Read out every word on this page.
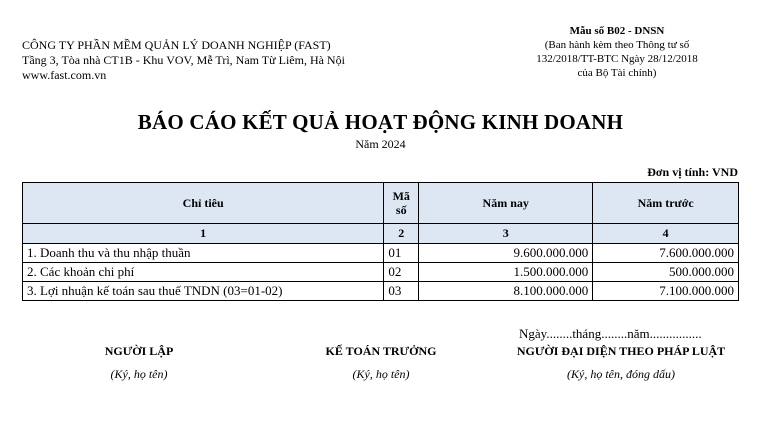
CÔNG TY PHẦN MỀM QUẢN LÝ DOANH NGHIỆP (FAST)
Tầng 3, Tòa nhà CT1B - Khu VOV, Mễ Trì, Nam Từ Liêm, Hà Nội
www.fast.com.vn
Mẫu số B02 - DNSN
(Ban hành kèm theo Thông tư số
132/2018/TT-BTC Ngày 28/12/2018
của Bộ Tài chính)
BÁO CÁO KẾT QUẢ HOẠT ĐỘNG KINH DOANH
Năm 2024
Đơn vị tính: VND
Chỉ tiêu	Mã số	Năm nay	Năm trước
1	2	3	4
1. Doanh thu và thu nhập thuần	01	9.600.000.000	7.600.000.000
2. Các khoản chi phí	02	1.500.000.000	500.000.000
3. Lợi nhuận kế toán sau thuế TNDN (03=01-02)	03	8.100.000.000	7.100.000.000
Ngày........tháng........năm................
NGƯỜI LẬP
(Ký, họ tên)
KẾ TOÁN TRƯỞNG
(Ký, họ tên)
NGƯỜI ĐẠI DIỆN THEO PHÁP LUẬT
(Ký, họ tên, đóng dấu)
